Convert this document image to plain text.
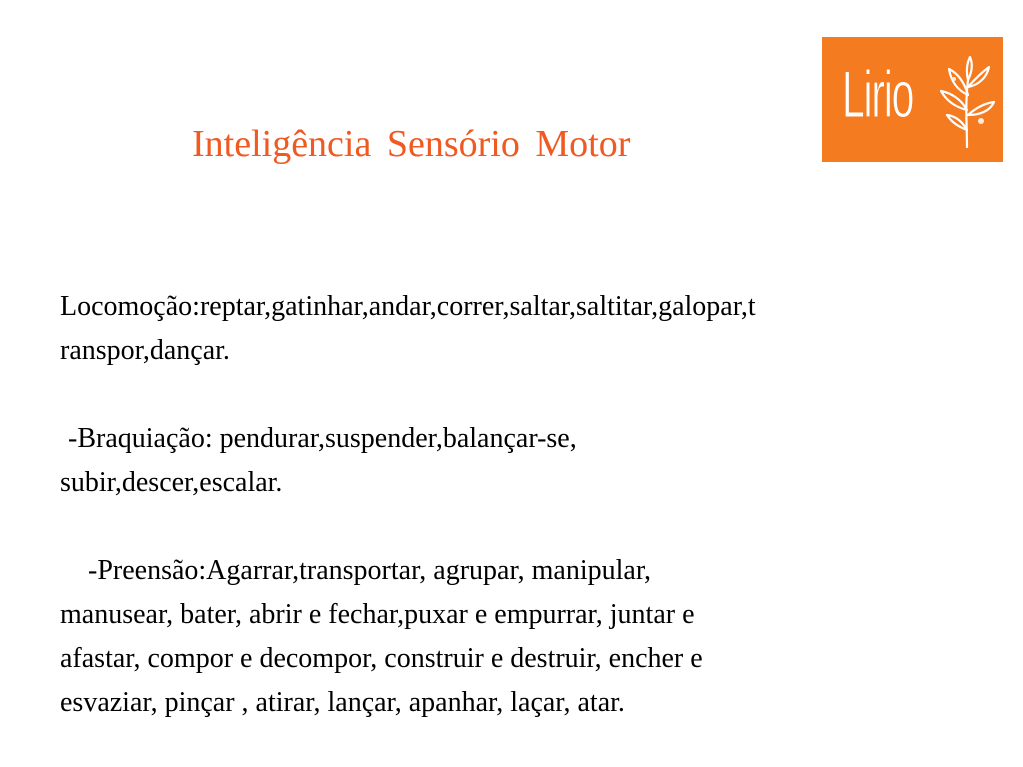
Inteligência Sensório Motor
Lirio

Locomoção:reptar,gatinhar,andar,correr,saltar,saltitar,galopar,t
ranspor,dançar.

-Braquiação: pendurar,suspender,balançar-se,
subir,descer,escalar.

-Preensão:Agarrar,transportar, agrupar, manipular,
manusear, bater, abrir e fechar,puxar e empurrar, juntar e
afastar, compor e decompor, construir e destruir, encher e
esvaziar, pinçar , atirar, lançar, apanhar, laçar, atar.
